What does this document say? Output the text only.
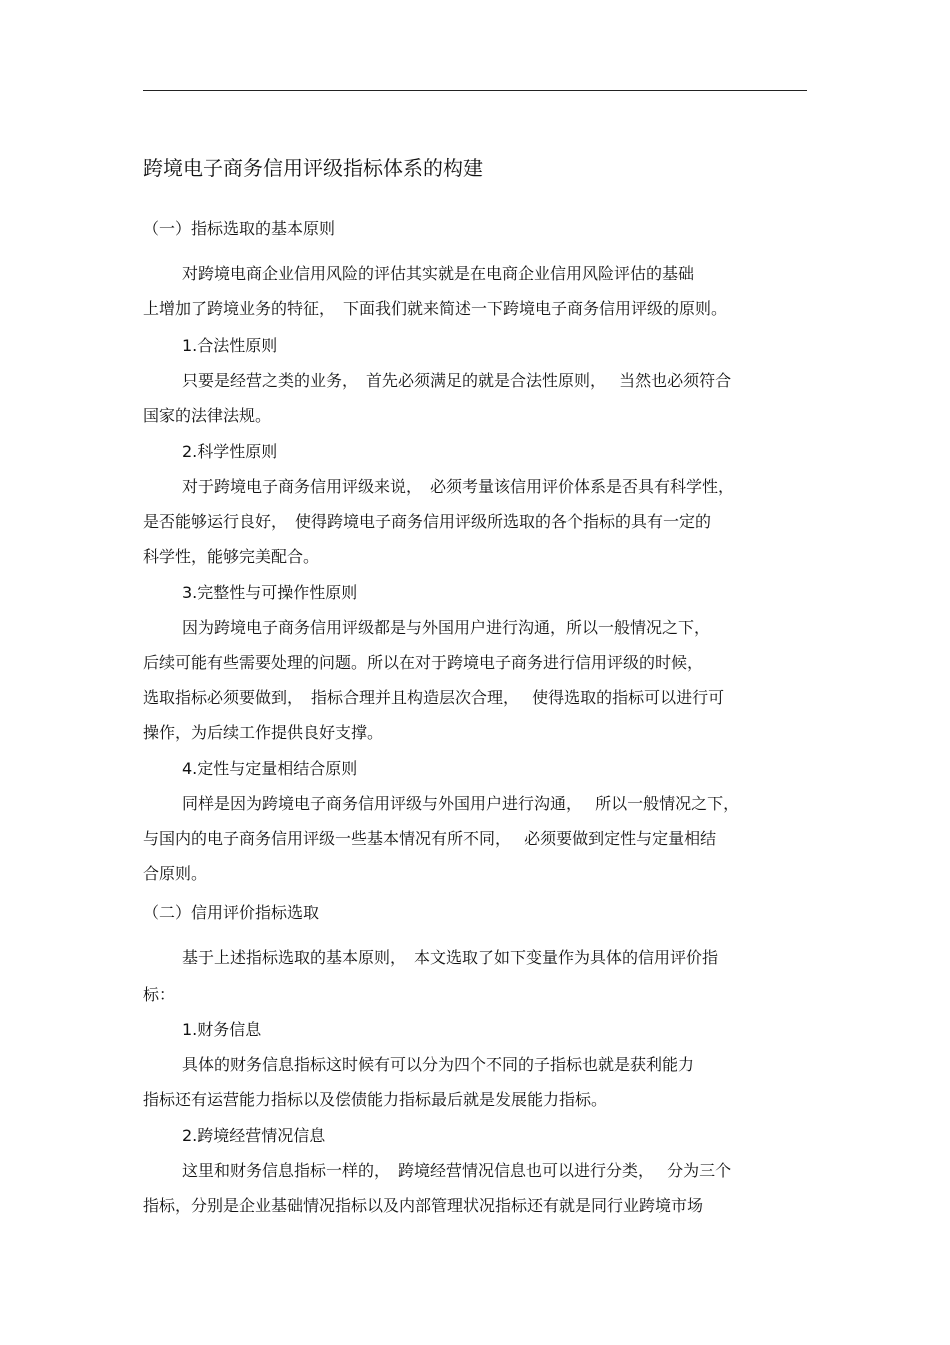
跨境电子商务信用评级指标体系的构建
（一）指标选取的基本原则
对跨境电商企业信用风险的评估其实就是在电商企业信用风险评估的基础
上增加了跨境业务的特征，　下面我们就来简述一下跨境电子商务信用评级的原则。
1.合法性原则
只要是经营之类的业务，　首先必须满足的就是合法性原则，　 当然也必须符合
国家的法律法规。
2.科学性原则
对于跨境电子商务信用评级来说，　必须考量该信用评价体系是否具有科学性，
是否能够运行良好，　使得跨境电子商务信用评级所选取的各个指标的具有一定的
科学性，能够完美配合。
3.完整性与可操作性原则
因为跨境电子商务信用评级都是与外国用户进行沟通，所以一般情况之下，
后续可能有些需要处理的问题。所以在对于跨境电子商务进行信用评级的时候，
选取指标必须要做到，　指标合理并且构造层次合理，　 使得选取的指标可以进行可
操作，为后续工作提供良好支撑。
4.定性与定量相结合原则
同样是因为跨境电子商务信用评级与外国用户进行沟通，　 所以一般情况之下，
与国内的电子商务信用评级一些基本情况有所不同，　 必须要做到定性与定量相结
合原则。
（二）信用评价指标选取
基于上述指标选取的基本原则，　本文选取了如下变量作为具体的信用评价指
标：
1.财务信息
具体的财务信息指标这时候有可以分为四个不同的子指标也就是获利能力
指标还有运营能力指标以及偿债能力指标最后就是发展能力指标。
2.跨境经营情况信息
这里和财务信息指标一样的，　跨境经营情况信息也可以进行分类，　 分为三个
指标，分别是企业基础情况指标以及内部管理状况指标还有就是同行业跨境市场
